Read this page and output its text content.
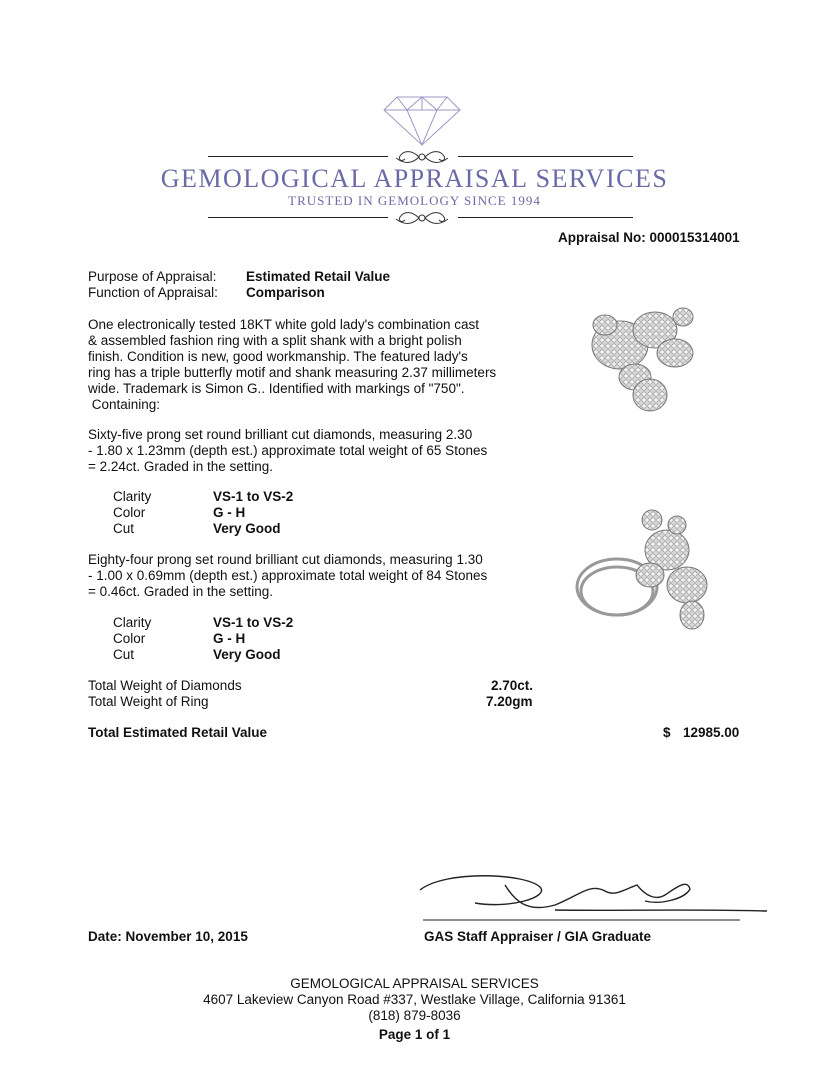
GEMOLOGICAL APPRAISAL SERVICES
TRUSTED IN GEMOLOGY SINCE 1994
Appraisal No: 000015314001
Purpose of Appraisal: Estimated Retail Value
Function of Appraisal: Comparison
One electronically tested 18KT white gold lady's combination cast
& assembled fashion ring with a split shank with a bright polish
finish. Condition is new, good workmanship. The featured lady's
ring has a triple butterfly motif and shank measuring 2.37 millimeters
wide. Trademark is Simon G.. Identified with markings of "750".
Containing:
Sixty-five prong set round brilliant cut diamonds, measuring 2.30
- 1.80 x 1.23mm (depth est.) approximate total weight of 65 Stones
= 2.24ct. Graded in the setting.
Clarity	VS-1 to VS-2
Color	G - H
Cut	Very Good
Eighty-four prong set round brilliant cut diamonds, measuring 1.30
- 1.00 x 0.69mm (depth est.) approximate total weight of 84 Stones
= 0.46ct. Graded in the setting.
Clarity	VS-1 to VS-2
Color	G - H
Cut	Very Good
Total Weight of Diamonds	2.70ct.
Total Weight of Ring	7.20gm
Total Estimated Retail Value	$ 12985.00
Date: November 10, 2015	GAS Staff Appraiser / GIA Graduate
GEMOLOGICAL APPRAISAL SERVICES
4607 Lakeview Canyon Road #337, Westlake Village, California 91361
(818) 879-8036
Page 1 of 1
